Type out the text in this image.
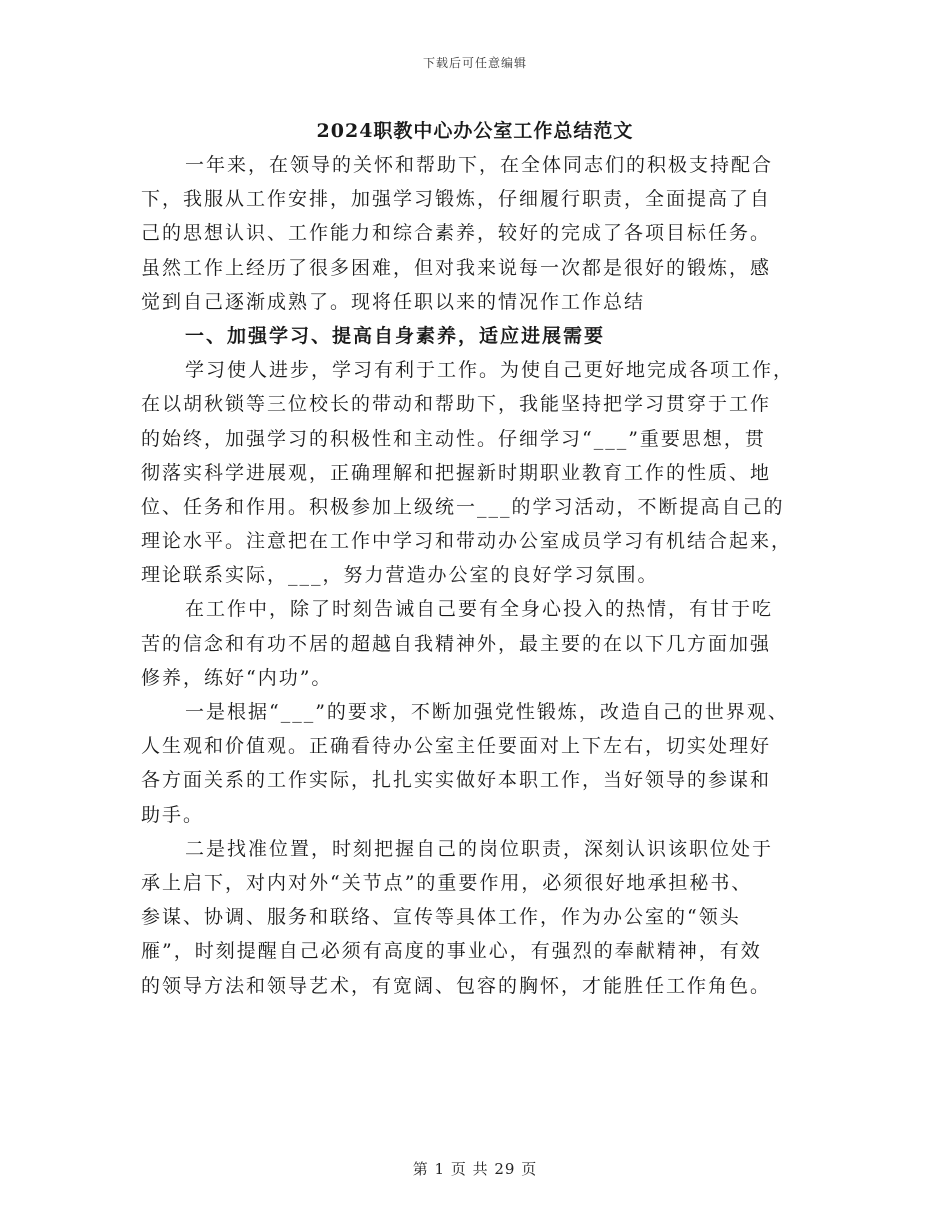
下载后可任意编辑
2024职教中心办公室工作总结范文
一年来，在领导的关怀和帮助下，在全体同志们的积极支持配合
下，我服从工作安排，加强学习锻炼，仔细履行职责，全面提高了自
己的思想认识、工作能力和综合素养，较好的完成了各项目标任务。
虽然工作上经历了很多困难，但对我来说每一次都是很好的锻炼，感
觉到自己逐渐成熟了。现将任职以来的情况作工作总结
一、加强学习、提高自身素养，适应进展需要
学习使人进步，学习有利于工作。为使自己更好地完成各项工作，
在以胡秋锁等三位校长的带动和帮助下，我能坚持把学习贯穿于工作
的始终，加强学习的积极性和主动性。仔细学习“___”重要思想，贯
彻落实科学进展观，正确理解和把握新时期职业教育工作的性质、地
位、任务和作用。积极参加上级统一___的学习活动，不断提高自己的
理论水平。注意把在工作中学习和带动办公室成员学习有机结合起来，
理论联系实际，___，努力营造办公室的良好学习氛围。
在工作中，除了时刻告诫自己要有全身心投入的热情，有甘于吃
苦的信念和有功不居的超越自我精神外，最主要的在以下几方面加强
修养，练好“内功”。
一是根据“___”的要求，不断加强党性锻炼，改造自己的世界观、
人生观和价值观。正确看待办公室主任要面对上下左右，切实处理好
各方面关系的工作实际，扎扎实实做好本职工作，当好领导的参谋和
助手。
二是找准位置，时刻把握自己的岗位职责，深刻认识该职位处于
承上启下，对内对外“关节点”的重要作用，必须很好地承担秘书、
参谋、协调、服务和联络、宣传等具体工作，作为办公室的“领头
雁”，时刻提醒自己必须有高度的事业心，有强烈的奉献精神，有效
的领导方法和领导艺术，有宽阔、包容的胸怀，才能胜任工作角色。
第 1 页 共 29 页
